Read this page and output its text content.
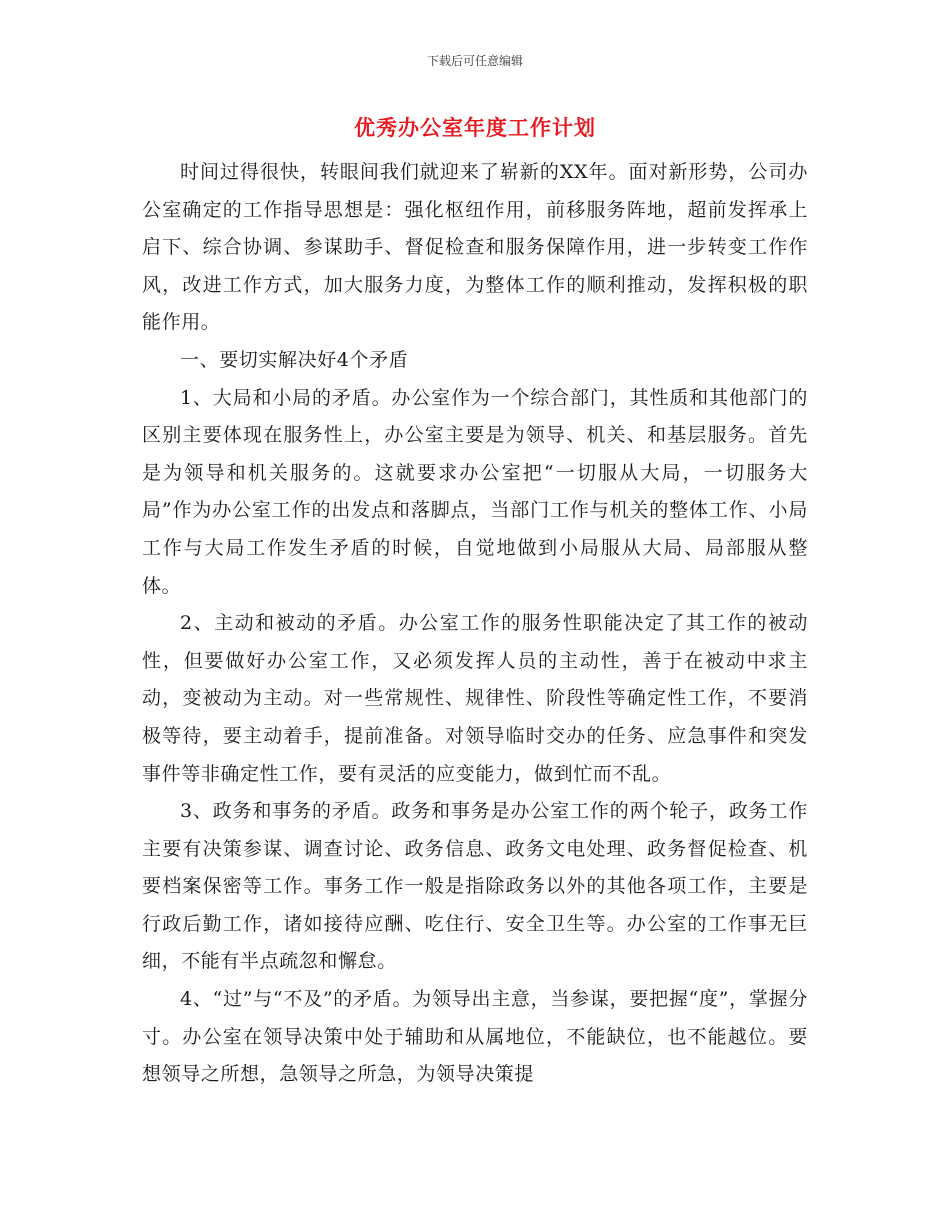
下载后可任意编辑
优秀办公室年度工作计划

时间过得很快，转眼间我们就迎来了崭新的XX年。面对新形势，公司办公室确定的工作指导思想是：强化枢纽作用，前移服务阵地，超前发挥承上启下、综合协调、参谋助手、督促检查和服务保障作用，进一步转变工作作风，改进工作方式，加大服务力度，为整体工作的顺利推动，发挥积极的职能作用。

一、要切实解决好4个矛盾

1、大局和小局的矛盾。办公室作为一个综合部门，其性质和其他部门的区别主要体现在服务性上，办公室主要是为领导、机关、和基层服务。首先是为领导和机关服务的。这就要求办公室把“一切服从大局，一切服务大局”作为办公室工作的出发点和落脚点，当部门工作与机关的整体工作、小局工作与大局工作发生矛盾的时候，自觉地做到小局服从大局、局部服从整体。

2、主动和被动的矛盾。办公室工作的服务性职能决定了其工作的被动性，但要做好办公室工作，又必须发挥人员的主动性，善于在被动中求主动，变被动为主动。对一些常规性、规律性、阶段性等确定性工作，不要消极等待，要主动着手，提前准备。对领导临时交办的任务、应急事件和突发事件等非确定性工作，要有灵活的应变能力，做到忙而不乱。

3、政务和事务的矛盾。政务和事务是办公室工作的两个轮子，政务工作主要有决策参谋、调查讨论、政务信息、政务文电处理、政务督促检查、机要档案保密等工作。事务工作一般是指除政务以外的其他各项工作，主要是行政后勤工作，诸如接待应酬、吃住行、安全卫生等。办公室的工作事无巨细，不能有半点疏忽和懈怠。

4、“过”与“不及”的矛盾。为领导出主意，当参谋，要把握“度”，掌握分寸。办公室在领导决策中处于辅助和从属地位，不能缺位，也不能越位。要想领导之所想，急领导之所急，为领导决策提
